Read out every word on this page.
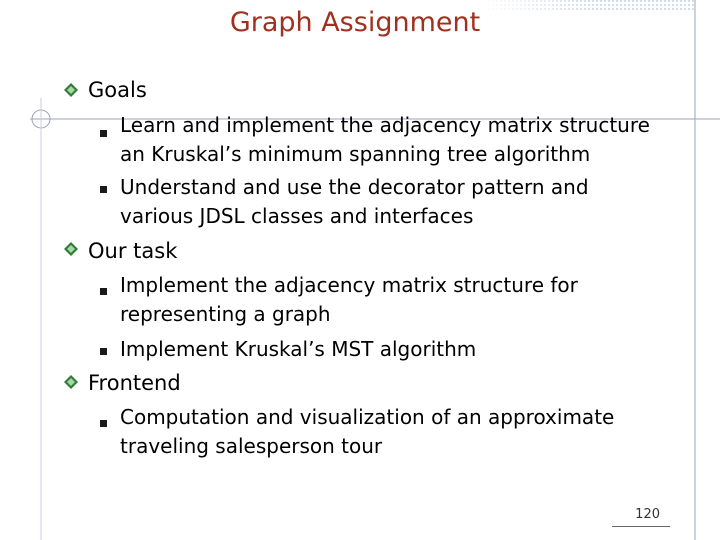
Graph Assignment
Goals
Learn and implement the adjacency matrix structure
an Kruskal’s minimum spanning tree algorithm
Understand and use the decorator pattern and
various JDSL classes and interfaces
Our task
Implement the adjacency matrix structure for
representing a graph
Implement Kruskal’s MST algorithm
Frontend
Computation and visualization of an approximate
traveling salesperson tour
120
